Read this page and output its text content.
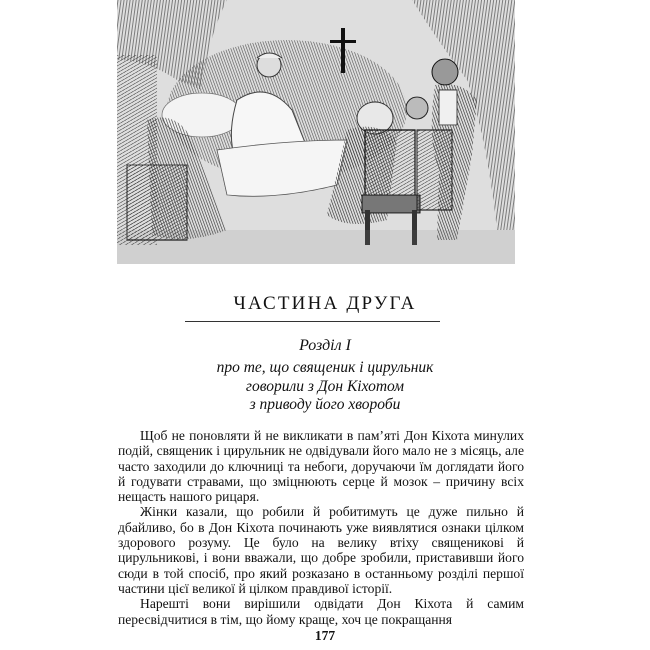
ЧАСТИНА ДРУГА
Розділ I
про те, що священик і цирульник
говорили з Дон Кіхотом
з приводу його хвороби

Щоб не поновляти й не викликати в пам’яті Дон Кіхота минулих подій, священик і цирульник не одвідували його мало не з місяць, але часто заходили до ключниці та небоги, доручаючи їм доглядати його й годувати стравами, що зміцнюють серце й мозок – причину всіх нещасть нашого рицаря.

Жінки казали, що робили й робитимуть це дуже пильно й дбайливо, бо в Дон Кіхота починають уже виявлятися ознаки цілком здорового розуму. Це було на велику втіху священикові й цирульникові, і вони вважали, що добре зробили, приставивши його сюди в той спосіб, про який розказано в останньому розділі першої частини цієї великої й цілком правдивої історії.

Нарешті вони вирішили одвідати Дон Кіхота й самим пересвідчитися в тім, що йому краще, хоч це покращання

177
